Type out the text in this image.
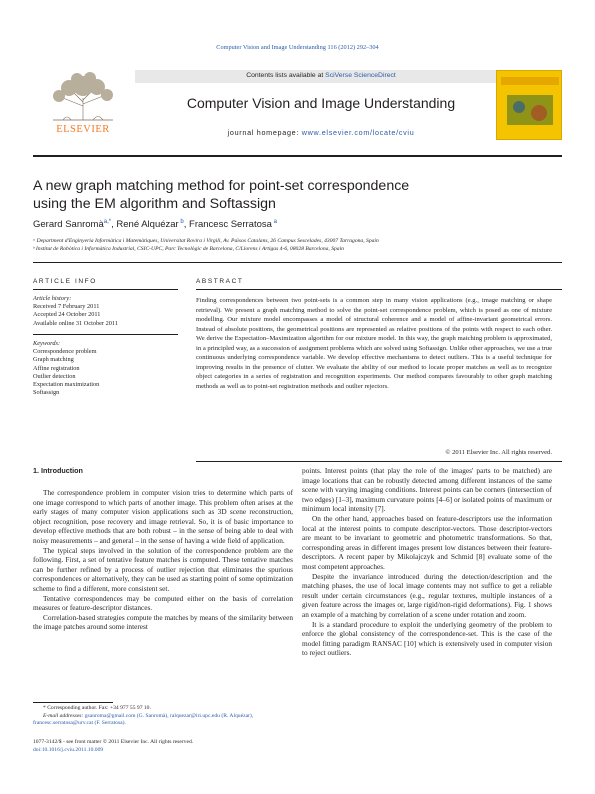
Computer Vision and Image Understanding 116 (2012) 292–304
ELSEVIER
Contents lists available at SciVerse ScienceDirect
Computer Vision and Image Understanding
journal homepage: www.elsevier.com/locate/cviu
A new graph matching method for point-set correspondence
using the EM algorithm and Softassign
Gerard Sanromà$^{a,*}$, René Alquézar $^b$, Francesc Serratosa $^a$
ᵃ Department d'Enginyeria Informàtica i Matemàtiques, Universitat Rovira i Virgili, Av. Països Catalans, 26 Campus Sescelades, 43007 Tarragona, Spain
ᵇ Institut de Robòtica i Informàtica Industrial, CSIC-UPC, Parc Tecnològic de Barcelona, C/Llorens i Artigas 4-6, 08028 Barcelona, Spain
ARTICLE INFO	ABSTRACT
Article history:
Received 7 February 2011
Accepted 24 October 2011
Available online 31 October 2011
Keywords:
Correspondence problem
Graph matching
Affine registration
Outlier detection
Expectation maximization
Softassign
Finding correspondences between two point-sets is a common step in many vision applications (e.g., image matching or shape retrieval). We present a graph matching method to solve the point-set correspondence problem, which is posed as one of mixture modelling. Our mixture model encompasses a model of structural coherence and a model of affine-invariant geometrical errors. Instead of absolute positions, the geometrical positions are represented as relative positions of the points with respect to each other. We derive the Expectation–Maximization algorithm for our mixture model. In this way, the graph matching problem is approximated, in a principled way, as a succession of assignment problems which are solved using Softassign. Unlike other approaches, we use a true continuous underlying correspondence variable. We develop effective mechanisms to detect outliers. This is a useful technique for improving results in the presence of clutter. We evaluate the ability of our method to locate proper matches as well as to recognize object categories in a series of registration and recognition experiments. Our method compares favourably to other graph matching methods as well as to point-set registration methods and outlier rejectors.
© 2011 Elsevier Inc. All rights reserved.
1. Introduction

The correspondence problem in computer vision tries to determine which parts of one image correspond to which parts of another image. This problem often arises at the early stages of many computer vision applications such as 3D scene reconstruction, object recognition, pose recovery and image retrieval. So, it is of basic importance to develop effective methods that are both robust – in the sense of being able to deal with noisy measurements – and general – in the sense of having a wide field of application.

The typical steps involved in the solution of the correspondence problem are the following. First, a set of tentative feature matches is computed. These tentative matches can be further refined by a process of outlier rejection that eliminates the spurious correspondences or alternatively, they can be used as starting point of some optimization scheme to find a different, more consistent set.

Tentative correspondences may be computed either on the basis of correlation measures or feature-descriptor distances.

Correlation-based strategies compute the matches by means of the similarity between the image patches around some interest

points. Interest points (that play the role of the images' parts to be matched) are image locations that can be robustly detected among different instances of the same scene with varying imaging conditions. Interest points can be corners (intersection of two edges) [1–3], maximum curvature points [4–6] or isolated points of maximum or minimum local intensity [7].

On the other hand, approaches based on feature-descriptors use the information local at the interest points to compute descriptor-vectors. Those descriptor-vectors are meant to be invariant to geometric and photometric transformations. So that, corresponding areas in different images present low distances between their feature-descriptors. A recent paper by Mikolajczyk and Schmid [8] evaluate some of the most competent approaches.

Despite the invariance introduced during the detection/description and the matching phases, the use of local image contents may not suffice to get a reliable result under certain circumstances (e.g., regular textures, multiple instances of a given feature across the images or, large rigid/non-rigid deformations). Fig. 1 shows an example of a matching by correlation of a scene under rotation and zoom.

It is a standard procedure to exploit the underlying geometry of the problem to enforce the global consistency of the correspondence-set. This is the case of the model fitting paradigm RANSAC [10] which is extensively used in computer vision to reject outliers.

* Corresponding author. Fax: +34 977 55 97 10.
E-mail addresses: gsanroma@gmail.com (G. Sanromà), ralquezar@iri.upc.edu (R. Alquézar), francesc.serratosa@urv.cat (F. Serratosa).
1077-3142/$ - see front matter © 2011 Elsevier Inc. All rights reserved.
doi:10.1016/j.cviu.2011.10.009
